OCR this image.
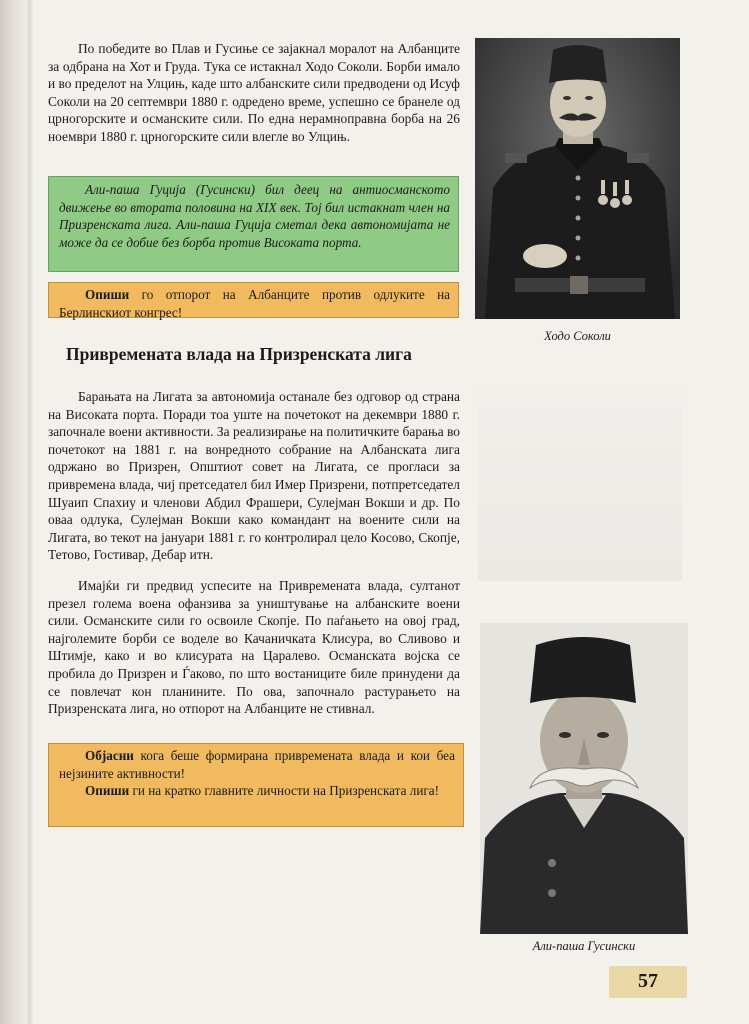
По победите во Плав и Гусиње се зајакнал моралот на Албанците за одбрана на Хот и Груда. Тука се истакнал Ходо Соколи. Борби имало и во пределот на Улцињ, каде што албанските сили предводени од Исуф Соколи на 20 септември 1880 г. одредено време, успешно се бранеле од црногорските и османските сили. По една нерамноправна борба на 26 ноември 1880 г. црногорските сили влегле во Улцињ.

Али-паша Гуција (Гусински) бил деец на антиосманското движење во втората половина на XIX век. Тој бил истакнат член на Призренската лига. Али-паша Гуција сметал дека автономијата не може да се добие без борба против Високата порта.
Опиши го отпорот на Албанците против одлуките на Берлинскиот конгрес!
Привремената влада на Призренската лига

Барањата на Лигата за автономија останале без одговор од страна на Високата порта. Поради тоа уште на почетокот на декември 1880 г. започнале воени активности. За реализирање на политичките барања во почетокот на 1881 г. на вонредното собрание на Албанската лига одржано во Призрен, Општиот совет на Лигата, се прогласи за привремена влада, чиј претседател бил Имер Призрени, потпретседател Шуаип Спахиу и членови Абдил Фрашери, Сулејман Вокши и др. По оваа одлука, Сулејман Вокши како командант на воените сили на Лигата, во текот на јануари 1881 г. го контролирал цело Косово, Скопје, Тетово, Гостивар, Дебар итн.

Имајќи ги предвид успесите на Привремената влада, султанот презел голема воена офанзива за уништување на албанските воени сили. Османските сили го освоиле Скопје. По паѓањето на овој град, најголемите борби се воделе во Качаничката Клисура, во Сливово и Штимје, како и во клисурата на Царалево. Османската војска се пробила до Призрен и Ѓаково, по што востаниците биле принудени да се повлечат кон планините. По ова, започнало растурањето на Призренската лига, но отпорот на Албанците не стивнал.

Објасни кога беше формирана привремената влада и кои беа нејзините активности!
Опиши ги на кратко главните личности на Призренската лига!
Ходо Соколи
Али-паша Гусински
57
